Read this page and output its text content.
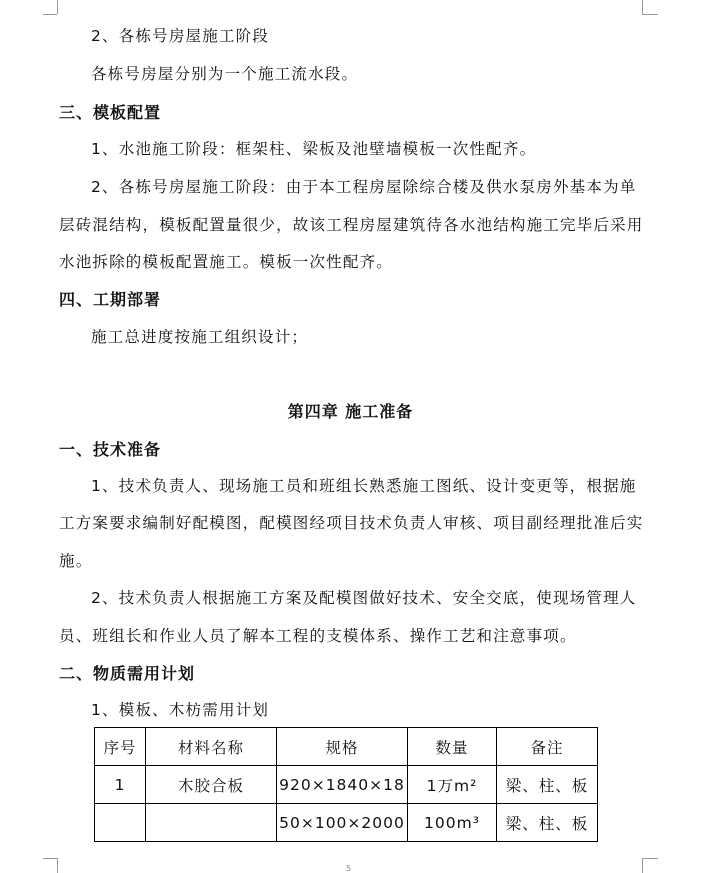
2、各栋号房屋施工阶段
各栋号房屋分别为一个施工流水段。
三、模板配置
1、水池施工阶段：框架柱、梁板及池壁墙模板一次性配齐。
2、各栋号房屋施工阶段：由于本工程房屋除综合楼及供水泵房外基本为单
层砖混结构，模板配置量很少，故该工程房屋建筑待各水池结构施工完毕后采用
水池拆除的模板配置施工。模板一次性配齐。
四、工期部署
施工总进度按施工组织设计；
第四章 施工准备
一、技术准备
1、技术负责人、现场施工员和班组长熟悉施工图纸、设计变更等，根据施
工方案要求编制好配模图，配模图经项目技术负责人审核、项目副经理批准后实
施。
2、技术负责人根据施工方案及配模图做好技术、安全交底，使现场管理人
员、班组长和作业人员了解本工程的支模体系、操作工艺和注意事项。
二、物质需用计划
1、模板、木枋需用计划
序号	材料名称	规格	数量	备注
1	木胶合板	920×1840×18	1万m²	梁、柱、板
		50×100×2000	100m³	梁、柱、板
5
